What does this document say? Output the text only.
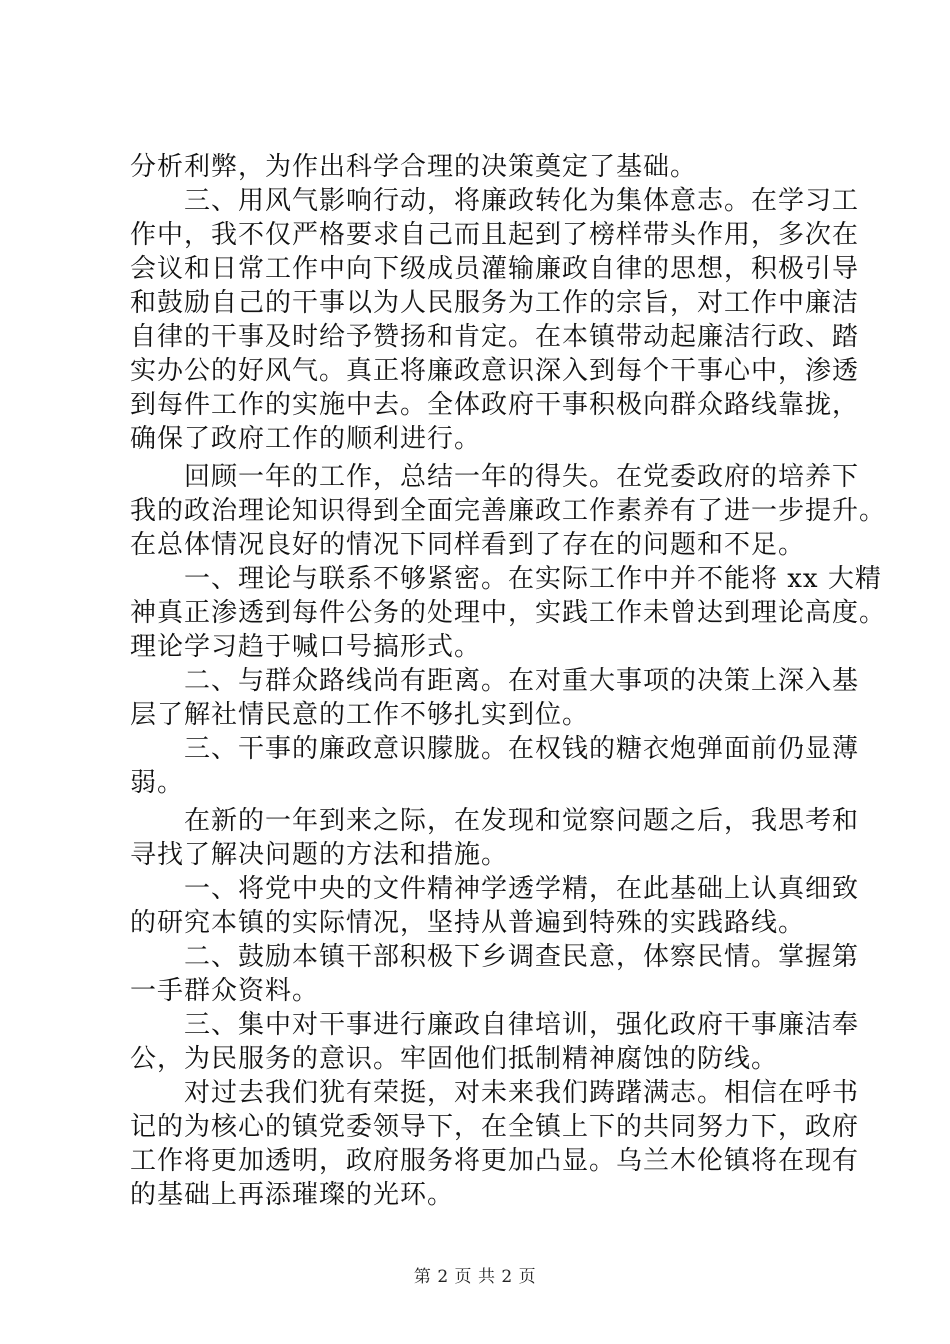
分析利弊，为作出科学合理的决策奠定了基础。
　　三、用风气影响行动，将廉政转化为集体意志。在学习工
作中，我不仅严格要求自己而且起到了榜样带头作用，多次在
会议和日常工作中向下级成员灌输廉政自律的思想，积极引导
和鼓励自己的干事以为人民服务为工作的宗旨，对工作中廉洁
自律的干事及时给予赞扬和肯定。在本镇带动起廉洁行政、踏
实办公的好风气。真正将廉政意识深入到每个干事心中，渗透
到每件工作的实施中去。全体政府干事积极向群众路线靠拢，
确保了政府工作的顺利进行。
　　回顾一年的工作，总结一年的得失。在党委政府的培养下
我的政治理论知识得到全面完善廉政工作素养有了进一步提升。
在总体情况良好的情况下同样看到了存在的问题和不足。
　　一、理论与联系不够紧密。在实际工作中并不能将 xx 大精
神真正渗透到每件公务的处理中，实践工作未曾达到理论高度。
理论学习趋于喊口号搞形式。
　　二、与群众路线尚有距离。在对重大事项的决策上深入基
层了解社情民意的工作不够扎实到位。
　　三、干事的廉政意识朦胧。在权钱的糖衣炮弹面前仍显薄
弱。
　　在新的一年到来之际，在发现和觉察问题之后，我思考和
寻找了解决问题的方法和措施。
　　一、将党中央的文件精神学透学精，在此基础上认真细致
的研究本镇的实际情况，坚持从普遍到特殊的实践路线。
　　二、鼓励本镇干部积极下乡调查民意，体察民情。掌握第
一手群众资料。
　　三、集中对干事进行廉政自律培训，强化政府干事廉洁奉
公，为民服务的意识。牢固他们抵制精神腐蚀的防线。
　　对过去我们犹有荣挺，对未来我们踌躇满志。相信在呼书
记的为核心的镇党委领导下，在全镇上下的共同努力下，政府
工作将更加透明，政府服务将更加凸显。乌兰木伦镇将在现有
的基础上再添璀璨的光环。
第 2 页 共 2 页
